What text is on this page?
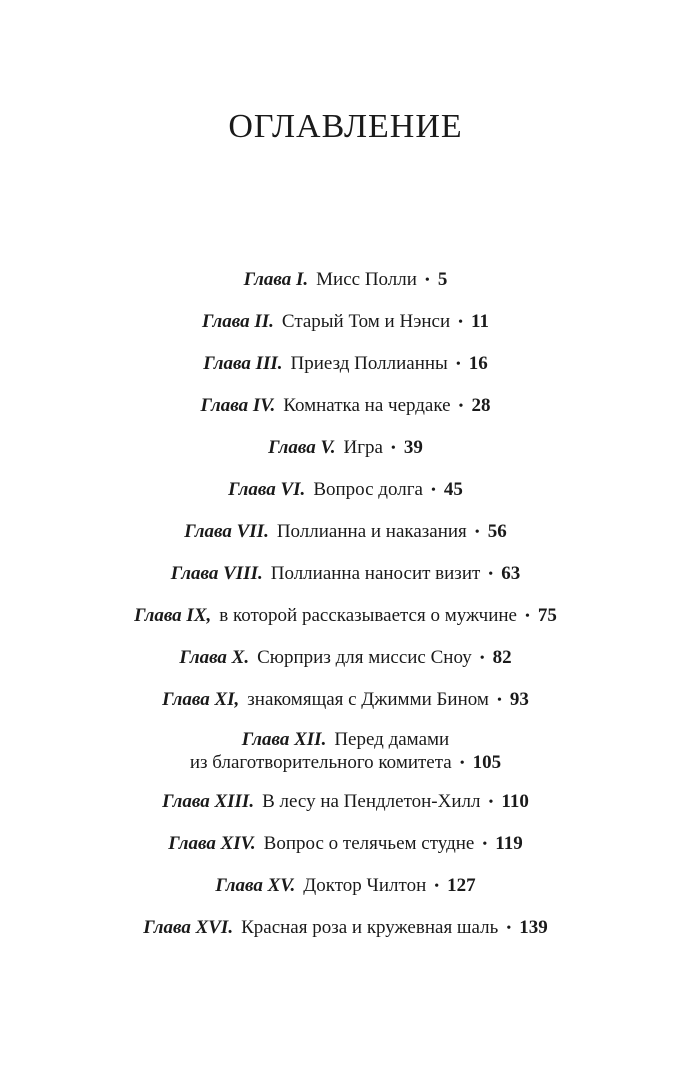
ОГЛАВЛЕНИЕ
Глава I. Мисс Полли • 5
Глава II. Старый Том и Нэнси • 11
Глава III. Приезд Поллианны • 16
Глава IV. Комнатка на чердаке • 28
Глава V. Игра • 39
Глава VI. Вопрос долга • 45
Глава VII. Поллианна и наказания • 56
Глава VIII. Поллианна наносит визит • 63
Глава IX, в которой рассказывается о мужчине • 75
Глава X. Сюрприз для миссис Сноу • 82
Глава XI, знакомящая с Джимми Бином • 93
Глава XII. Перед дамами
из благотворительного комитета • 105
Глава XIII. В лесу на Пендлетон-Хилл • 110
Глава XIV. Вопрос о телячьем студне • 119
Глава XV. Доктор Чилтон • 127
Глава XVI. Красная роза и кружевная шаль • 139
